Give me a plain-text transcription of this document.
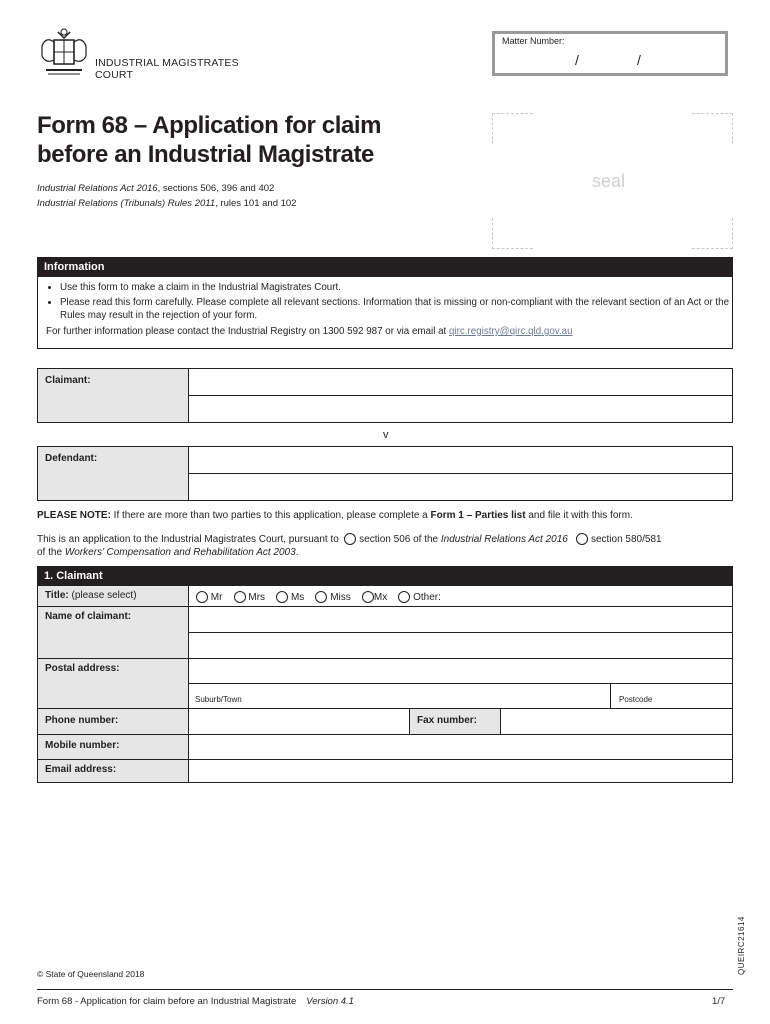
INDUSTRIAL MAGISTRATES
COURT
Matter Number:
/	/
Form 68 – Application for claim
before an Industrial Magistrate
Industrial Relations Act 2016, sections 506, 396 and 402
Industrial Relations (Tribunals) Rules 2011, rules 101 and 102
seal
Information
• Use this form to make a claim in the Industrial Magistrates Court.
• Please read this form carefully. Please complete all relevant sections. Information that is missing or non-compliant with the relevant section of an Act or the Rules may result in the rejection of your form.
For further information please contact the Industrial Registry on 1300 592 987 or via email at qirc.registry@qirc.qld.gov.au
Claimant:
v
Defendant:
PLEASE NOTE: If there are more than two parties to this application, please complete a Form 1 – Parties list and file it with this form.
This is an application to the Industrial Magistrates Court, pursuant to section 506 of the Industrial Relations Act 2016 section 580/581
of the Workers’ Compensation and Rehabilitation Act 2003.
1. Claimant
Title: (please select)	Mr	Mrs	Ms	Miss Mx	Other:
Name of claimant:
Postal address:
Suburb/Town	Postcode
Phone number:	Fax number:
Mobile number:
Email address:
QUEIRC21614
© State of Queensland 2018
Form 68 - Application for claim before an Industrial Magistrate Version 4.1	1/7
